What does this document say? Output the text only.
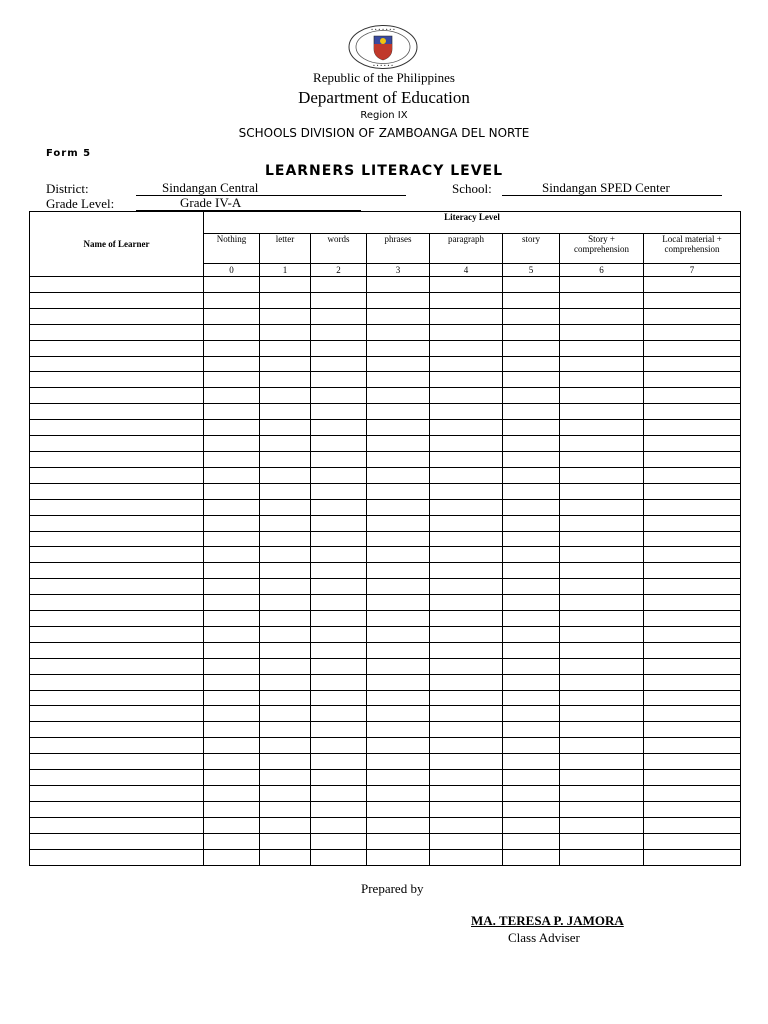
• • • • • • •
• • • • • •
Republic of the Philippines
Department of Education
Region IX
SCHOOLS DIVISION OF ZAMBOANGA DEL NORTE
Form 5
LEARNERS LITERACY LEVEL
District:	Sindangan Central	School:	Sindangan SPED Center
Grade Level:	Grade IV-A
Name of Learner	Literacy Level							
	Nothing	letter	words	phrases	paragraph	story	Story + comprehension	Local material + comprehension
	0	1	2	3	4	5	6	7

Prepared by
MA. TERESA P. JAMORA
Class Adviser
